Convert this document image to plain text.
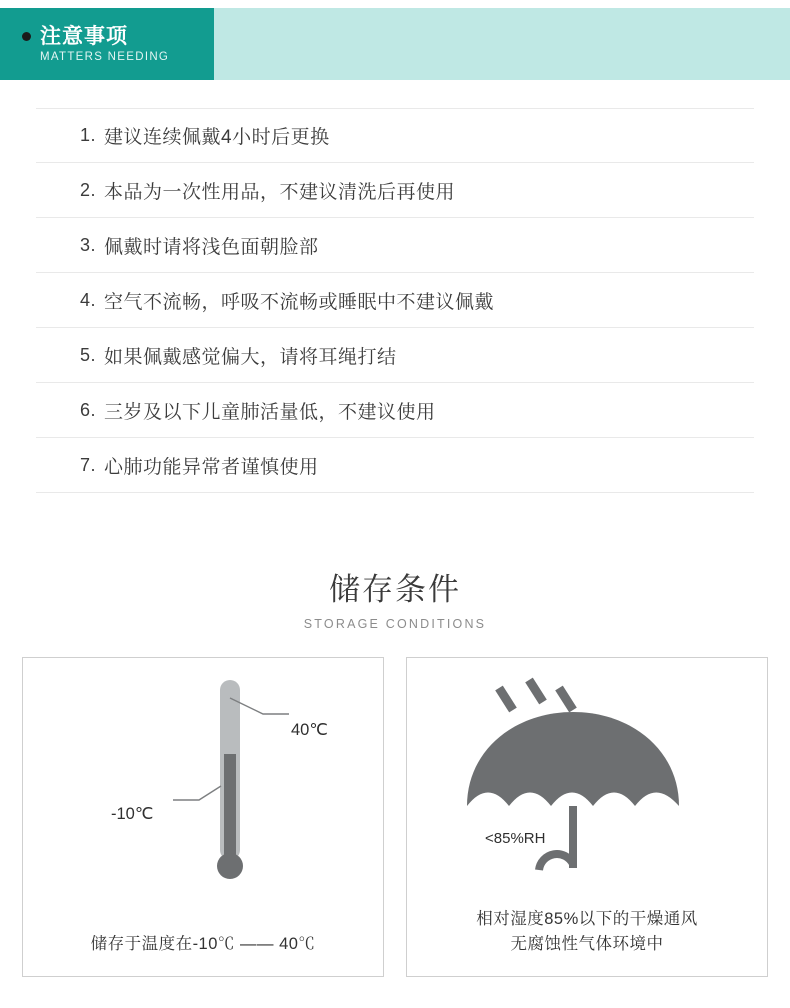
注意事项
MATTERS NEEDING
1. 建议连续佩戴4小时后更换
2. 本品为一次性用品，不建议清洗后再使用
3. 佩戴时请将浅色面朝脸部
4. 空气不流畅，呼吸不流畅或睡眠中不建议佩戴
5. 如果佩戴感觉偏大，请将耳绳打结
6. 三岁及以下儿童肺活量低，不建议使用
7. 心肺功能异常者谨慎使用
储存条件
STORAGE CONDITIONS
40℃
-10℃
储存于温度在-10℃ —— 40℃
<85%RH
相对湿度85%以下的干燥通风
无腐蚀性气体环境中
